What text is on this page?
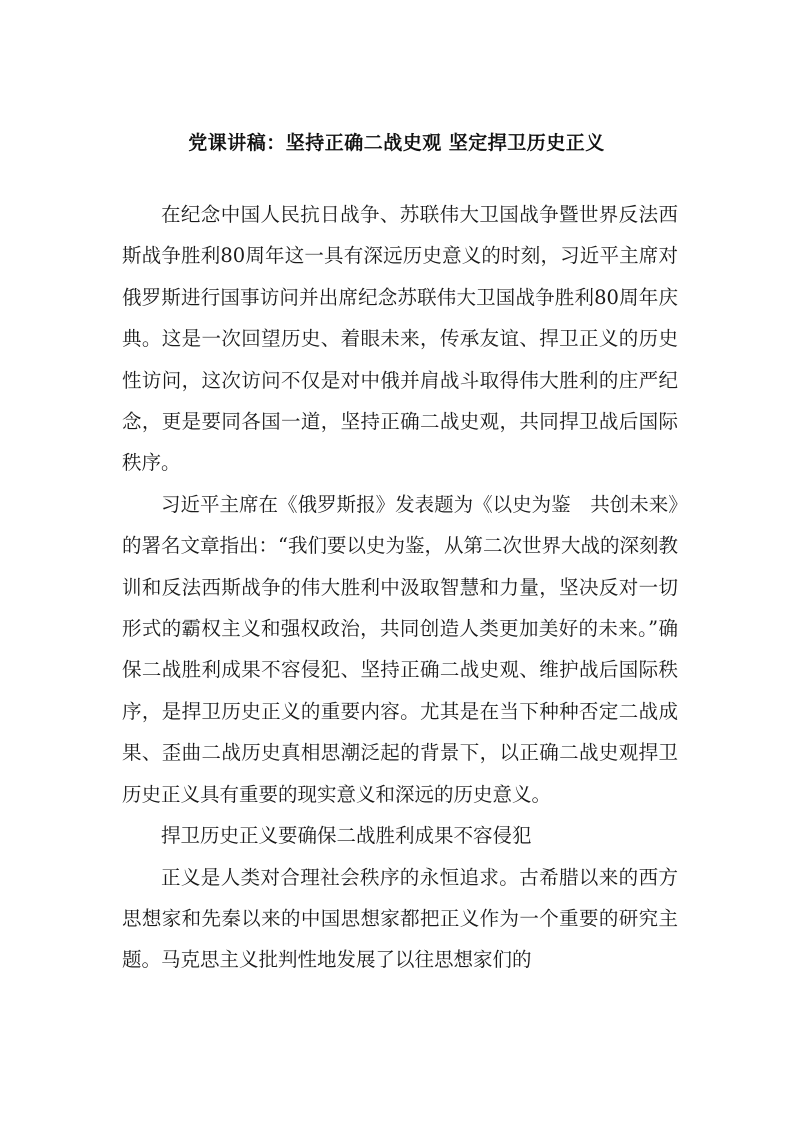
党课讲稿：坚持正确二战史观 坚定捍卫历史正义

在纪念中国人民抗日战争、苏联伟大卫国战争暨世界反法西斯战争胜利80周年这一具有深远历史意义的时刻，习近平主席对俄罗斯进行国事访问并出席纪念苏联伟大卫国战争胜利80周年庆典。这是一次回望历史、着眼未来，传承友谊、捍卫正义的历史性访问，这次访问不仅是对中俄并肩战斗取得伟大胜利的庄严纪念，更是要同各国一道，坚持正确二战史观，共同捍卫战后国际秩序。

习近平主席在《俄罗斯报》发表题为《以史为鉴　共创未来》的署名文章指出：“我们要以史为鉴，从第二次世界大战的深刻教训和反法西斯战争的伟大胜利中汲取智慧和力量，坚决反对一切形式的霸权主义和强权政治，共同创造人类更加美好的未来。”确保二战胜利成果不容侵犯、坚持正确二战史观、维护战后国际秩序，是捍卫历史正义的重要内容。尤其是在当下种种否定二战成果、歪曲二战历史真相思潮泛起的背景下，以正确二战史观捍卫历史正义具有重要的现实意义和深远的历史意义。

捍卫历史正义要确保二战胜利成果不容侵犯

正义是人类对合理社会秩序的永恒追求。古希腊以来的西方思想家和先秦以来的中国思想家都把正义作为一个重要的研究主题。马克思主义批判性地发展了以往思想家们的
